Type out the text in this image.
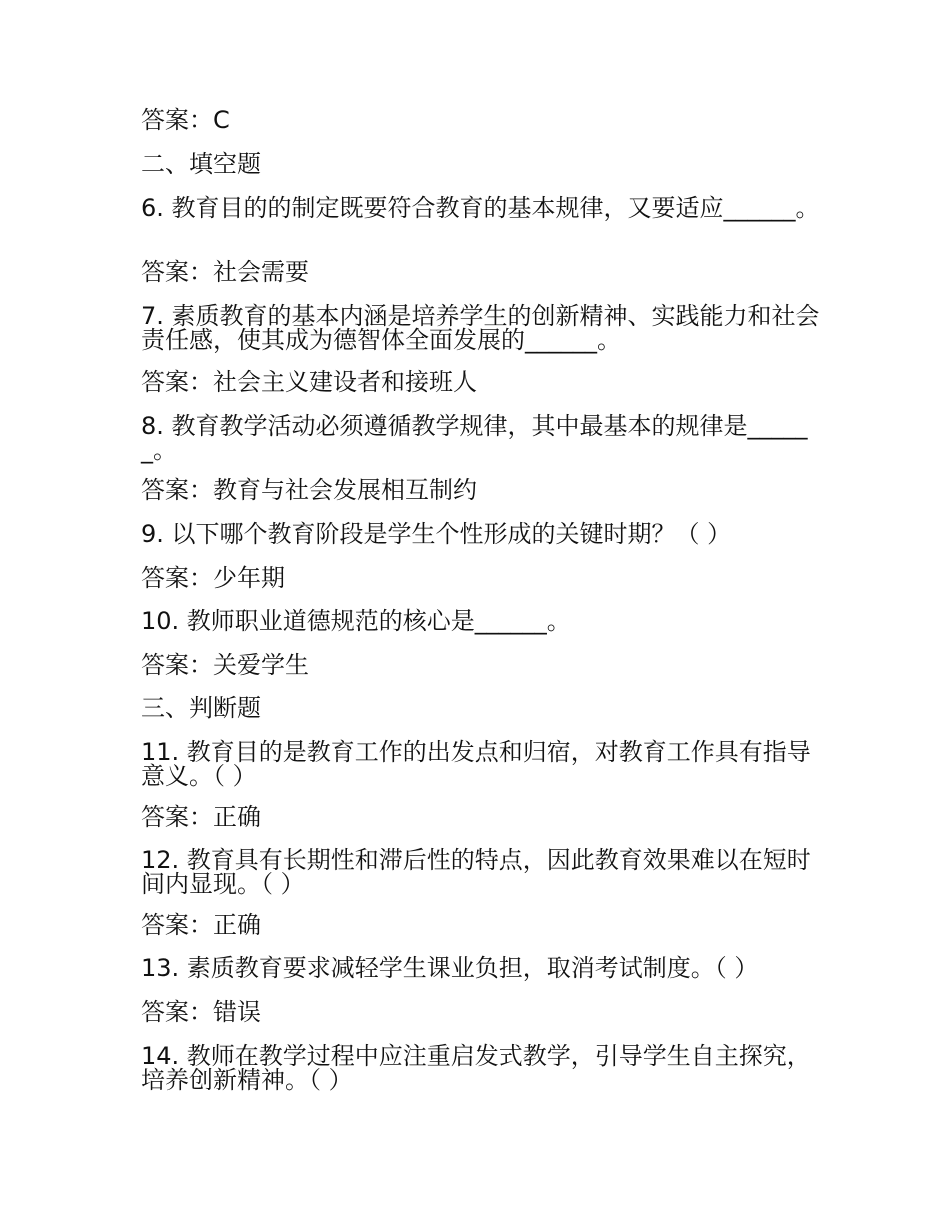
答案：C
二、填空题
6. 教育目的的制定既要符合教育的基本规律，又要适应______。
答案：社会需要
7. 素质教育的基本内涵是培养学生的创新精神、实践能力和社会责任感，使其成为德智体全面发展的______。
答案：社会主义建设者和接班人
8. 教育教学活动必须遵循教学规律，其中最基本的规律是______。
答案：教育与社会发展相互制约
9. 以下哪个教育阶段是学生个性形成的关键时期？（ ）
答案：少年期
10. 教师职业道德规范的核心是______。
答案：关爱学生
三、判断题
11. 教育目的是教育工作的出发点和归宿，对教育工作具有指导意义。（ ）
答案：正确
12. 教育具有长期性和滞后性的特点，因此教育效果难以在短时间内显现。（ ）
答案：正确
13. 素质教育要求减轻学生课业负担，取消考试制度。（ ）
答案：错误
14. 教师在教学过程中应注重启发式教学，引导学生自主探究，培养创新精神。（ ）
